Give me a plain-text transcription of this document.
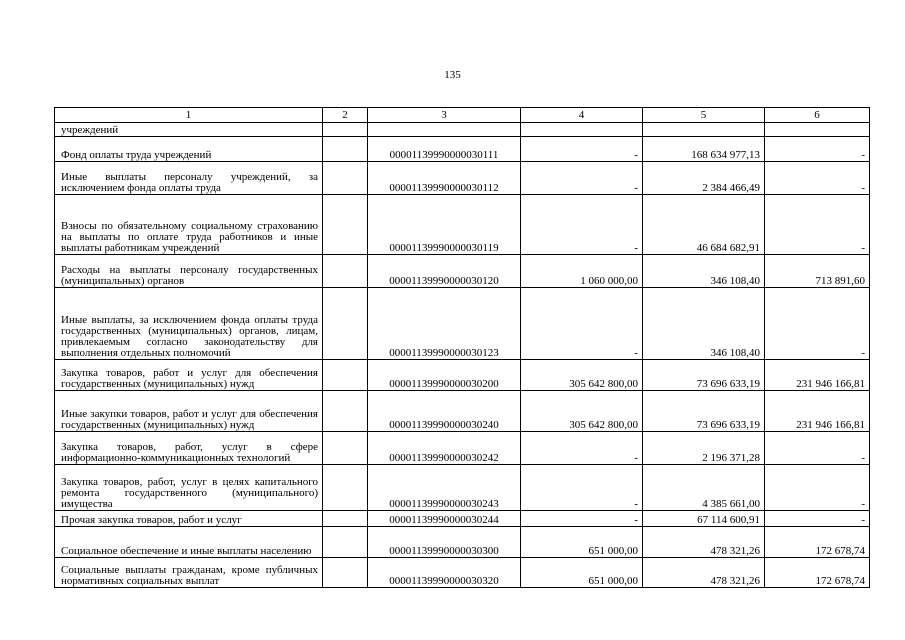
135
1	2	3	4	5	6

учреждений					

Фонд оплаты труда учреждений		00001139990000030111	-	168 634 977,13	-

Иные выплаты персоналу учреждений, за исключением фонда оплаты труда		00001139990000030112	-	2 384 466,49	-

Взносы по обязательному социальному страхованию на выплаты по оплате труда работников и иные выплаты работникам учреждений		00001139990000030119	-	46 684 682,91	-

Расходы на выплаты персоналу государственных (муниципальных) органов		00001139990000030120	1 060 000,00	346 108,40	713 891,60

Иные выплаты, за исключением фонда оплаты труда государственных (муниципальных) органов, лицам, привлекаемым согласно законодательству для выполнения отдельных полномочий		00001139990000030123	-	346 108,40	-

Закупка товаров, работ и услуг для обеспечения государственных (муниципальных) нужд		00001139990000030200	305 642 800,00	73 696 633,19	231 946 166,81

Иные закупки товаров, работ и услуг для обеспечения государственных (муниципальных) нужд		00001139990000030240	305 642 800,00	73 696 633,19	231 946 166,81

Закупка товаров, работ, услуг в сфере информационно-коммуникационных технологий		00001139990000030242	-	2 196 371,28	-

Закупка товаров, работ, услуг в целях капитального ремонта государственного (муниципального) имущества		00001139990000030243	-	4 385 661,00	-

Прочая закупка товаров, работ и услуг		00001139990000030244	-	67 114 600,91	-

Социальное обеспечение и иные выплаты населению		00001139990000030300	651 000,00	478 321,26	172 678,74

Социальные выплаты гражданам, кроме публичных нормативных социальных выплат		00001139990000030320	651 000,00	478 321,26	172 678,74
